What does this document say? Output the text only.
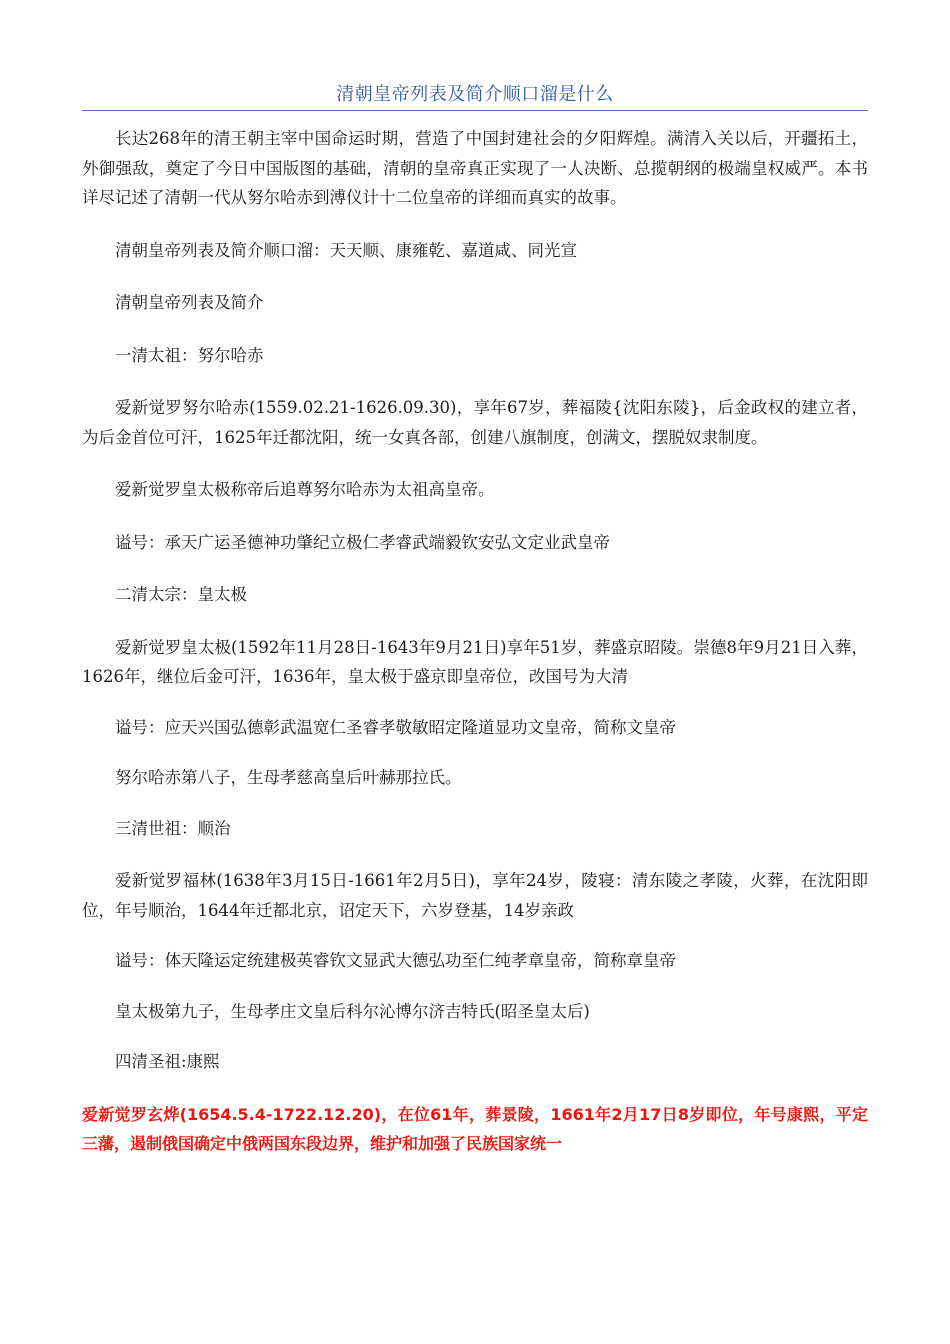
清朝皇帝列表及简介顺口溜是什么

长达268年的清王朝主宰中国命运时期，营造了中国封建社会的夕阳辉煌。满清入关以后，开疆拓土，外御强敌，奠定了今日中国版图的基础，清朝的皇帝真正实现了一人决断、总揽朝纲的极端皇权威严。本书详尽记述了清朝一代从努尔哈赤到溥仪计十二位皇帝的详细而真实的故事。

清朝皇帝列表及简介顺口溜：天天顺、康雍乾、嘉道咸、同光宣

清朝皇帝列表及简介

一清太祖：努尔哈赤

爱新觉罗努尔哈赤(1559.02.21-1626.09.30)，享年67岁，葬福陵{沈阳东陵}，后金政权的建立者，为后金首位可汗，1625年迁都沈阳，统一女真各部，创建八旗制度，创满文，摆脱奴隶制度。

爱新觉罗皇太极称帝后追尊努尔哈赤为太祖高皇帝。

谥号：承天广运圣德神功肇纪立极仁孝睿武端毅钦安弘文定业武皇帝

二清太宗：皇太极

爱新觉罗皇太极(1592年11月28日-1643年9月21日)享年51岁，葬盛京昭陵。崇德8年9月21日入葬，1626年，继位后金可汗，1636年，皇太极于盛京即皇帝位，改国号为大清

谥号：应天兴国弘德彰武温宽仁圣睿孝敬敏昭定隆道显功文皇帝，简称文皇帝

努尔哈赤第八子，生母孝慈高皇后叶赫那拉氏。

三清世祖：顺治

爱新觉罗福林(1638年3月15日-1661年2月5日)，享年24岁，陵寝：清东陵之孝陵，火葬，在沈阳即位，年号顺治，1644年迁都北京，诏定天下，六岁登基，14岁亲政

谥号：体天隆运定统建极英睿钦文显武大德弘功至仁纯孝章皇帝，简称章皇帝

皇太极第九子，生母孝庄文皇后科尔沁博尔济吉特氏(昭圣皇太后)

四清圣祖:康熙

爱新觉罗玄烨(1654.5.4-1722.12.20)，在位61年，葬景陵，1661年2月17日8岁即位，年号康熙，平定三藩，遏制俄国确定中俄两国东段边界，维护和加强了民族国家统一
